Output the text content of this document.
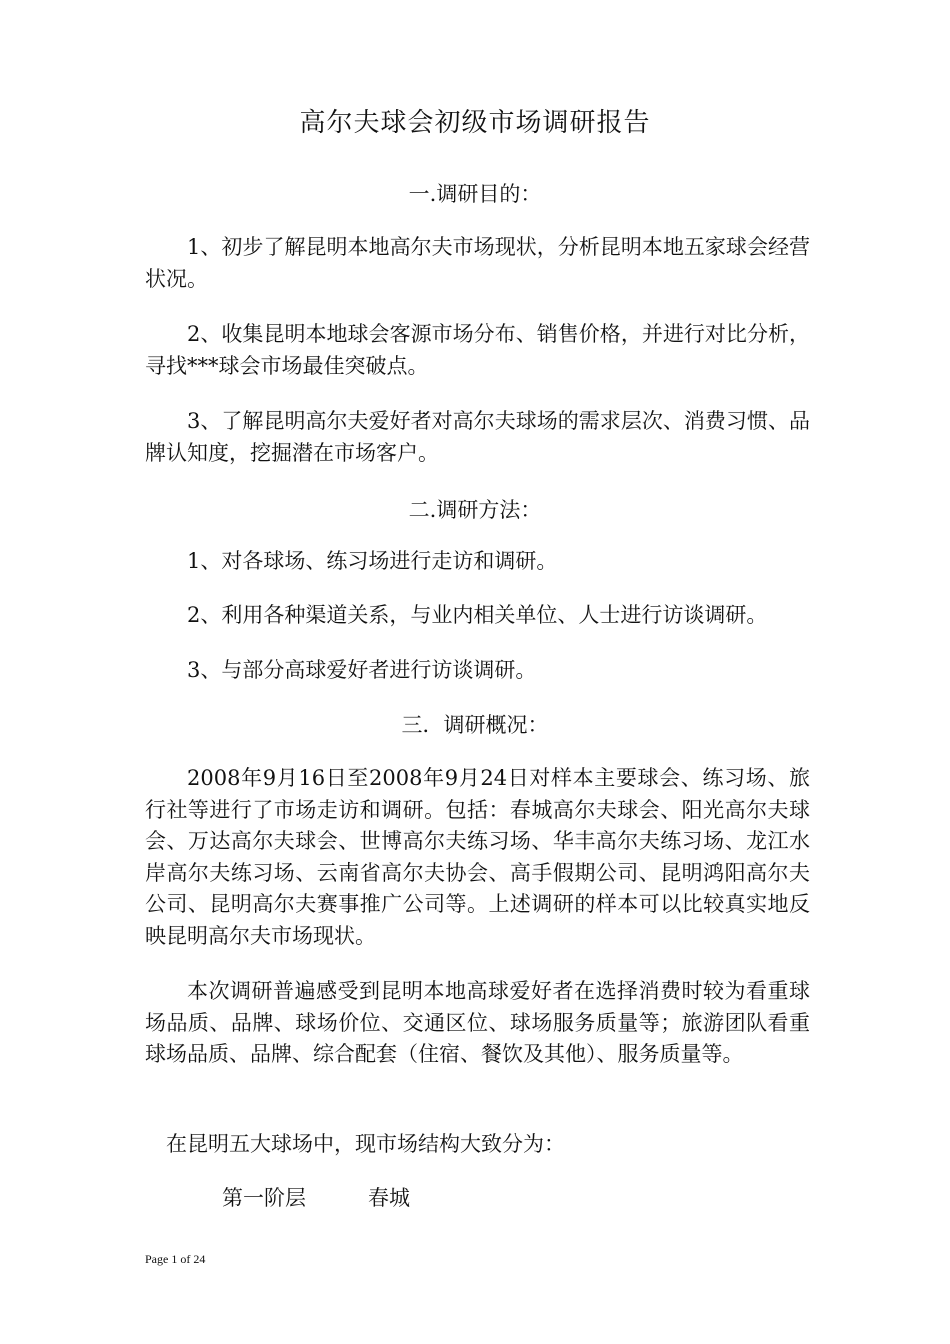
高尔夫球会初级市场调研报告
一.调研目的：

1、初步了解昆明本地高尔夫市场现状，分析昆明本地五家球会经营状况。

2、收集昆明本地球会客源市场分布、销售价格，并进行对比分析，寻找***球会市场最佳突破点。

3、了解昆明高尔夫爱好者对高尔夫球场的需求层次、消费习惯、品牌认知度，挖掘潜在市场客户。

二.调研方法：

1、对各球场、练习场进行走访和调研。

2、利用各种渠道关系，与业内相关单位、人士进行访谈调研。

3、与部分高球爱好者进行访谈调研。

三．调研概况：

2008年9月16日至2008年9月24日对样本主要球会、练习场、旅行社等进行了市场走访和调研。包括：春城高尔夫球会、阳光高尔夫球会、万达高尔夫球会、世博高尔夫练习场、华丰高尔夫练习场、龙江水岸高尔夫练习场、云南省高尔夫协会、高手假期公司、昆明鸿阳高尔夫公司、昆明高尔夫赛事推广公司等。上述调研的样本可以比较真实地反映昆明高尔夫市场现状。

本次调研普遍感受到昆明本地高球爱好者在选择消费时较为看重球场品质、品牌、球场价位、交通区位、球场服务质量等；旅游团队看重球场品质、品牌、综合配套（住宿、餐饮及其他）、服务质量等。

在昆明五大球场中，现市场结构大致分为：
第一阶层	春城
Page 1 of 24
